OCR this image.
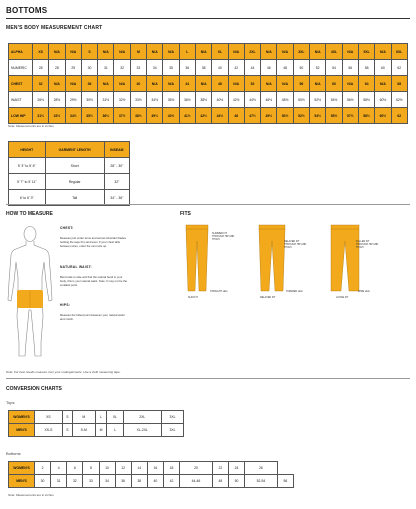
BOTTOMS
MEN'S BODY MEASUREMENT CHART
ALPHA	XS	N/A	N/A	S	N/A	N/A	M	N/A	N/A	L	N/A	XL	N/A	2XL	N/A	N/A	3XL	N/A	4XL	N/A	5XL	N/A	6XL
NUMERIC	28	28	29	30	31	32	33	34	35	36	38	40	42	44	46	48	50	52	54	56	58	60	62
CHEST	32	N/A	N/A	36	N/A	N/A	40	N/A	N/A	44	N/A	48	N/A	52	N/A	N/A	56	N/A	60	N/A	64	N/A	68
WAIST	26½	28½	29½	30½	31½	32½	33½	34½	35½	36½	38½	40½	42½	44½	46½	48½	50½	52½	54½	56½	58½	60½	62½
LOW HIP	31½	33½	34½	35½	36½	37½	38½	39½	40½	41½	42½	44½	46	47½	49½	50½	52½	54½	55½	57½	58½	60½	62
Note: Measurements are in inches
HEIGHT	GARMENT LENGTH	INSEAM
5' 3" to 5' 6"	Short	28" - 30"
5' 7" to 5' 11"	Regular	32"
6' to 6' 3"	Tall	34" - 36"
HOW TO MEASURE
CHEST:
Measure just under arms and across shoulder blades holding the tape firm and level. If your chest falls between sizes, order the next size up.
NATURAL WAIST:
Bend side to side and find the natural bend in your body, this is your natural waist. Note: It may not be the smallest point.
HIPS:
Measure the fullest point between your natural waist and crotch.
FITS
SLIMMER FIT THROUGH HIP AND THIGH
STRAIGHT LEG
SLIM FIT
RELAXED FIT THROUGH HIP AND THIGH
TAPERED LEG
RELAXED FIT
FULLER FIT THROUGH HIP AND THIGH
WIDE LEG
LOOSE FIT
Note: For best results measure over your undergarments. Use a cloth measuring tape.
CONVERSION CHARTS
Tops
WOMEN'S	XS	S	M	L	XL	2XL	3XL
MEN'S	XS-S	S	S-M	M	L	XL-2XL	3XL
Bottoms
WOMEN'S	2	4	6	8	10	12	14	16	18	20	22	24	26	
MEN'S	30	31	32	33	34	36	38	40	42	44-46	48	50	52-54	56
Note: Measurements are in inches
